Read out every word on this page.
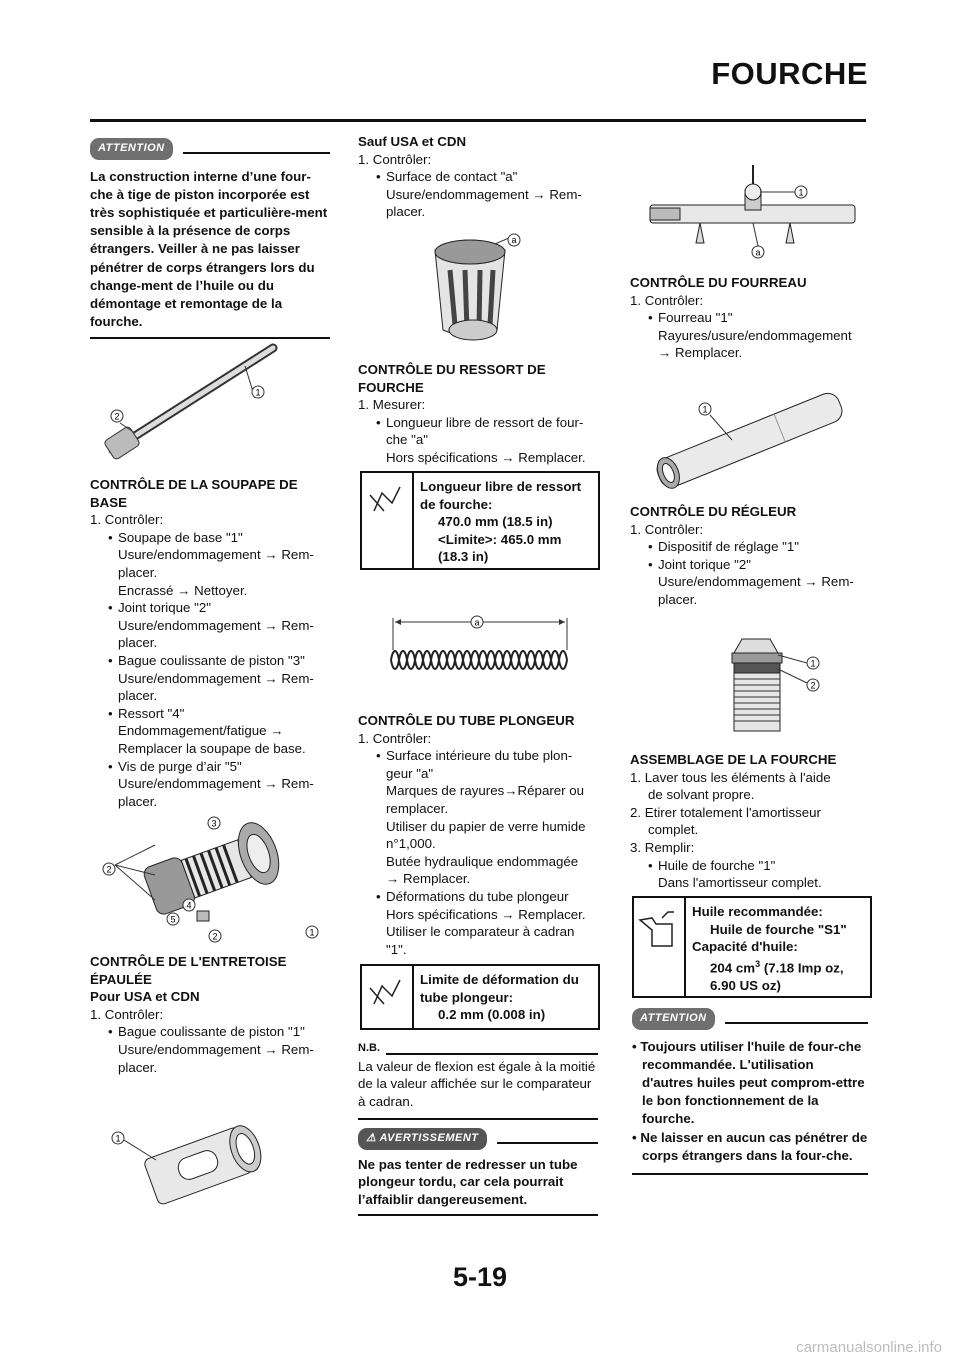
FOURCHE
ATTENTION
La construction interne d’une four-che à tige de piston incorporée est très sophistiquée et particulière-ment sensible à la présence de corps étrangers. Veiller à ne pas laisser pénétrer de corps étrangers lors du change-ment de l’huile ou du démontage et remontage de la fourche.
1
2
CONTRÔLE DE LA SOUPAPE DE
BASE
1. Contrôler:
• Soupape de base "1"
Usure/endommagement → Rem-
placer.
Encrassé → Nettoyer.
• Joint torique "2"
Usure/endommagement → Rem-
placer.
• Bague coulissante de piston "3"
Usure/endommagement → Rem-
placer.
• Ressort "4"
Endommagement/fatigue →
Remplacer la soupape de base.
• Vis de purge d’air "5"
Usure/endommagement → Rem-
placer.
2
3
4
5
2	1
CONTRÔLE DE L'ENTRETOISE
ÉPAULÉE
Pour USA et CDN
1. Contrôler:
• Bague coulissante de piston "1"
Usure/endommagement → Rem-
placer.
1
Sauf USA et CDN
1. Contrôler:
• Surface de contact "a"
Usure/endommagement → Rem-
placer.
a
CONTRÔLE DU RESSORT DE
FOURCHE
1. Mesurer:
• Longueur libre de ressort de four-
che "a"
Hors spécifications → Remplacer.
Longueur libre de ressort
de fourche:
470.0 mm (18.5 in)
<Limite>: 465.0 mm
(18.3 in)
a
CONTRÔLE DU TUBE PLONGEUR
1. Contrôler:
• Surface intérieure du tube plon-
geur "a"
Marques de rayures→Réparer ou
remplacer.
Utiliser du papier de verre humide
n°1,000.
Butée hydraulique endommagée
→ Remplacer.
• Déformations du tube plongeur
Hors spécifications → Remplacer.
Utiliser le comparateur à cadran
"1".
Limite de déformation du
tube plongeur:
0.2 mm (0.008 in)
N.B.
La valeur de flexion est égale à la moitié de la valeur affichée sur le comparateur à cadran.
⚠ AVERTISSEMENT
Ne pas tenter de redresser un tube plongeur tordu, car cela pourrait l’affaiblir dangereusement.
1
a
CONTRÔLE DU FOURREAU
1. Contrôler:
• Fourreau "1"
Rayures/usure/endommagement
→ Remplacer.
1
CONTRÔLE DU RÉGLEUR
1. Contrôler:
• Dispositif de réglage "1"
• Joint torique "2"
Usure/endommagement → Rem-
placer.
1
2
ASSEMBLAGE DE LA FOURCHE
1. Laver tous les éléments à l'aide
de solvant propre.
2. Etirer totalement l'amortisseur
complet.
3. Remplir:
• Huile de fourche "1"
Dans l'amortisseur complet.
Huile recommandée:
Huile de fourche "S1"
Capacité d'huile:
204 $cm^3$ (7.18 Imp oz,
6.90 US oz)
ATTENTION
• Toujours utiliser l'huile de four-che recommandée. L'utilisation d'autres huiles peut comprom-ettre le bon fonctionnement de la fourche.
• Ne laisser en aucun cas pénétrer de corps étrangers dans la four-che.
5-19
carmanualsonline.info
